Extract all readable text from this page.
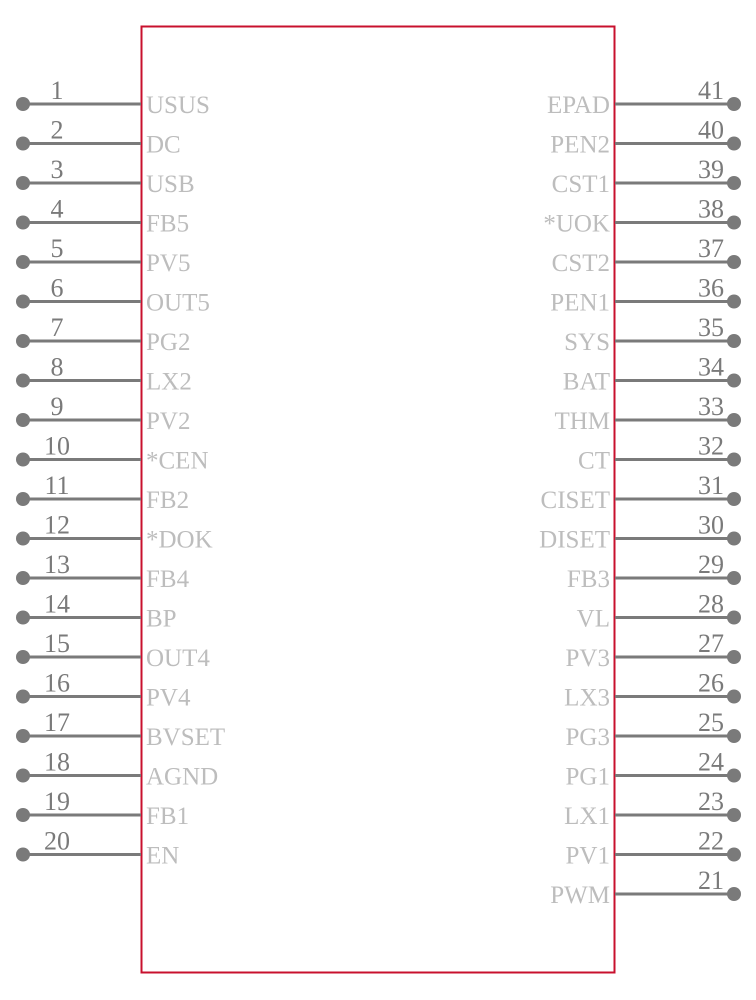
1
USUS
2
DC
3
USB
4
FB5
5
PV5
6
OUT5
7
PG2
8
LX2
9
PV2
10
*CEN
11
FB2
12
*DOK
13
FB4
14
BP
15
OUT4
16
PV4
17
BVSET
18
AGND
19
FB1
20
EN
41
EPAD
40
PEN2
39
CST1
38
*UOK
37
CST2
36
PEN1
35
SYS
34
BAT
33
THM
32
CT
31
CISET
30
DISET
29
FB3
28
VL
27
PV3
26
LX3
25
PG3
24
PG1
23
LX1
22
PV1
21
PWM
